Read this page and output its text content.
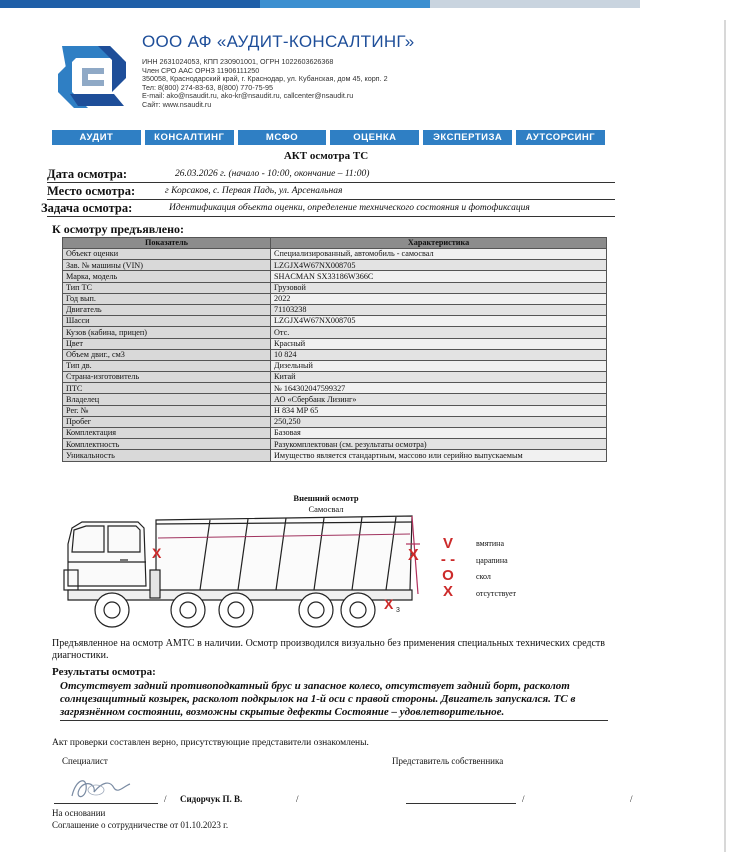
ООО АФ «АУДИТ-КОНСАЛТИНГ»
ИНН 2631024053, КПП 230901001, ОГРН 1022603626368
Член СРО ААС ОРНЗ 11906111250
350058, Краснодарский край, г. Краснодар, ул. Кубанская, дом 45, корп. 2
Тел: 8(800) 274-83-63, 8(800) 770-75-95
E-mail: ako@nsaudit.ru, ako-kr@nsaudit.ru, callcenter@nsaudit.ru
Сайт: www.nsaudit.ru
АУДИТ	КОНСАЛТИНГ	МСФО	ОЦЕНКА	ЭКСПЕРТИЗА	АУТСОРСИНГ
АКТ осмотра ТС
Дата осмотра:	26.03.2026 г. (начало - 10:00, окончание – 11:00)
Место осмотра:	г Корсаков, с. Первая Падь, ул. Арсенальная
Задача осмотра:	Идентификация объекта оценки, определение технического состояния и фотофиксация
К осмотру предъявлено:
Показатель	Характеристика
Объект оценки	Специализированный, автомобиль - самосвал
Зав. № машины (VIN)	LZGJX4W67NX008705
Марка, модель	SHACMAN SX33186W366C
Тип ТС	Грузовой
Год вып.	2022
Двигатель	71103238
Шасси	LZGJX4W67NX008705
Кузов (кабина, прицеп)	Отс.
Цвет	Красный
Объем двиг., см3	10 824
Тип дв.	Дизельный
Страна-изготовитель	Китай
ПТС	№ 164302047599327
Владелец	АО «Сбербанк Лизинг»
Рег. №	Н 834 МР 65
Пробег	250,250
Комплектация	Базовая
Комплектность	Разукомплектован (см. результаты осмотра)
Уникальность	Имущество является стандартным, массово или серийно выпускаемым
Внешний осмотр
Самосвал
X	X
X 3
V	вмятина
- -	царапина
O	скол
X	отсутствует
Предъявленное на осмотр АМТС в наличии. Осмотр производился визуально без применения специальных технических средств диагностики.
Результаты осмотра:
Отсутствует задний противоподкатный брус и запасное колесо, отсутствует задний борт, расколот солнцезащитный козырек, расколот подкрылок на 1-й оси с правой стороны. Двигатель запускался. ТС в загрязнённом состоянии, возможны скрытые дефекты Состояние – удовлетворительное.
Акт проверки составлен верно, присутствующие представители ознакомлены.
Специалист	Представитель собственника
/ Сидорчук П. В.	/	/	/
На основании
Соглашение о сотрудничестве от 01.10.2023 г.
